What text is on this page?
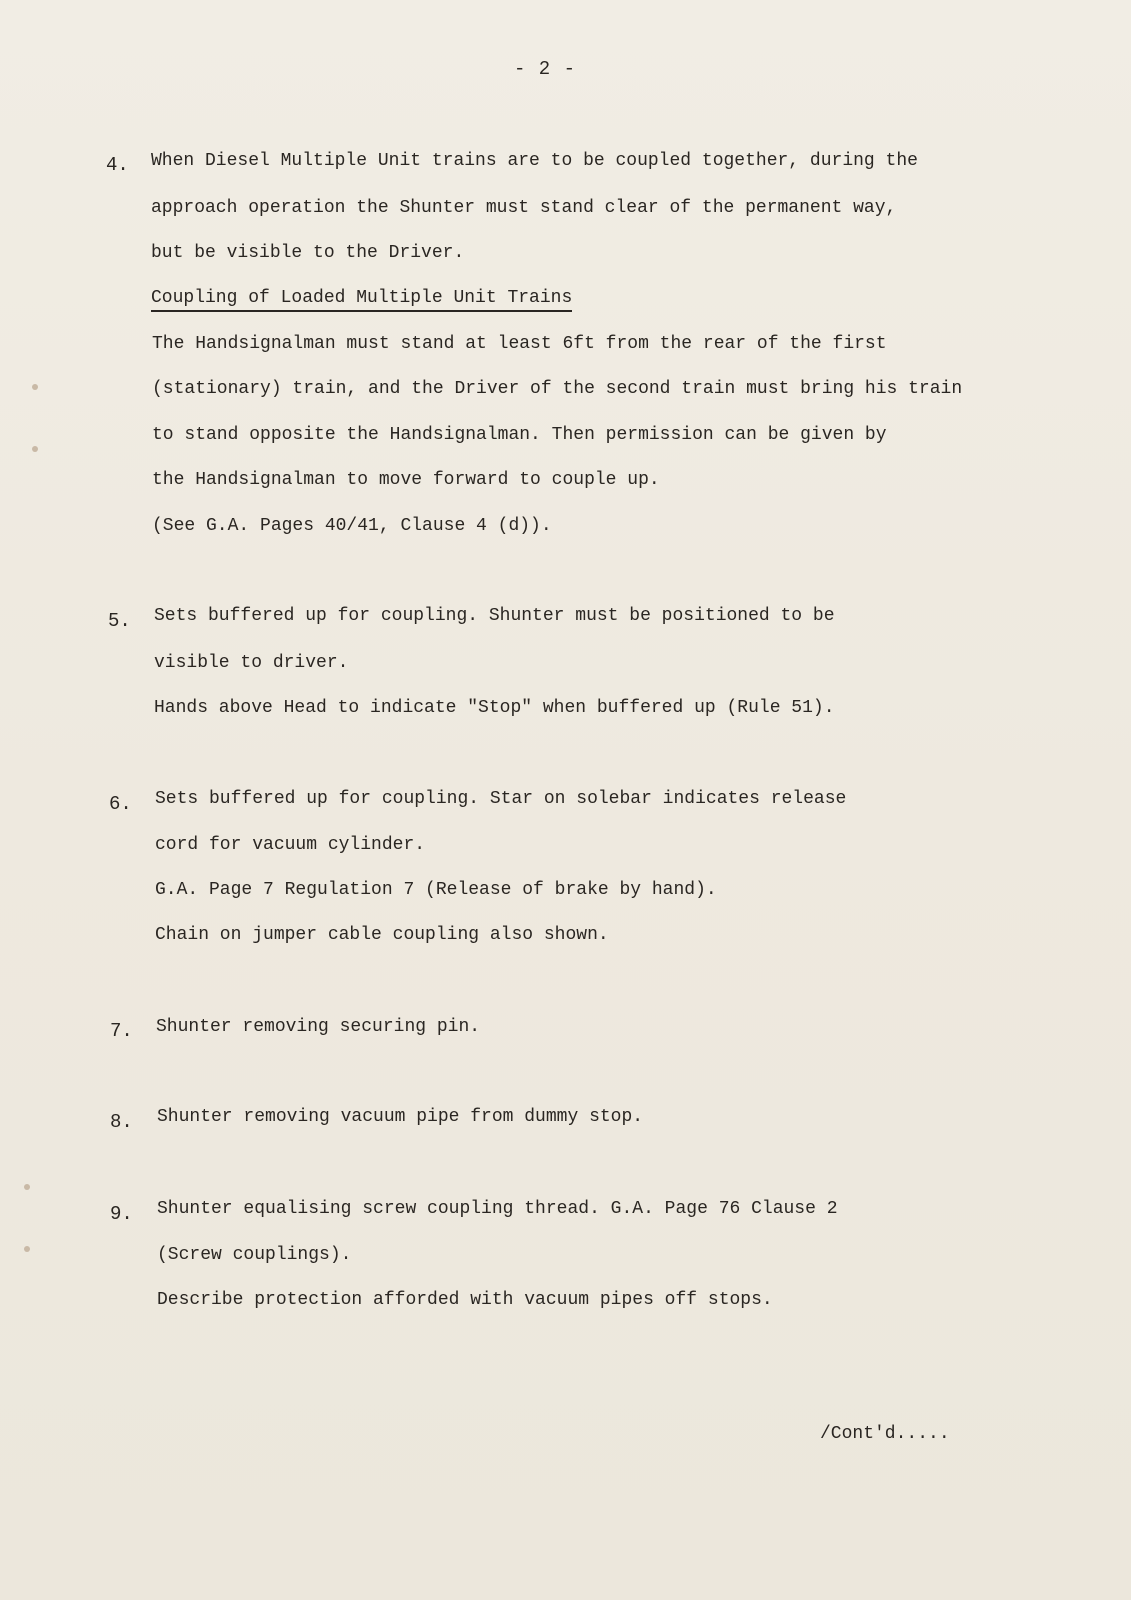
- 2 -
4.	When Diesel Multiple Unit trains are to be coupled together, during the
approach operation the Shunter must stand clear of the permanent way,
but be visible to the Driver.
Coupling of Loaded Multiple Unit Trains
The Handsignalman must stand at least 6ft from the rear of the first
(stationary) train, and the Driver of the second train must bring his train
to stand opposite the Handsignalman. Then permission can be given by
the Handsignalman to move forward to couple up.
(See G.A. Pages 40/41, Clause 4 (d)).
5.	Sets buffered up for coupling. Shunter must be positioned to be
visible to driver.
Hands above Head to indicate "Stop" when buffered up (Rule 51).
6.	Sets buffered up for coupling. Star on solebar indicates release
cord for vacuum cylinder.
G.A. Page 7 Regulation 7 (Release of brake by hand).
Chain on jumper cable coupling also shown.
7.	Shunter removing securing pin.
8.	Shunter removing vacuum pipe from dummy stop.
9.	Shunter equalising screw coupling thread. G.A. Page 76 Clause 2
(Screw couplings).
Describe protection afforded with vacuum pipes off stops.
/Cont'd.....
